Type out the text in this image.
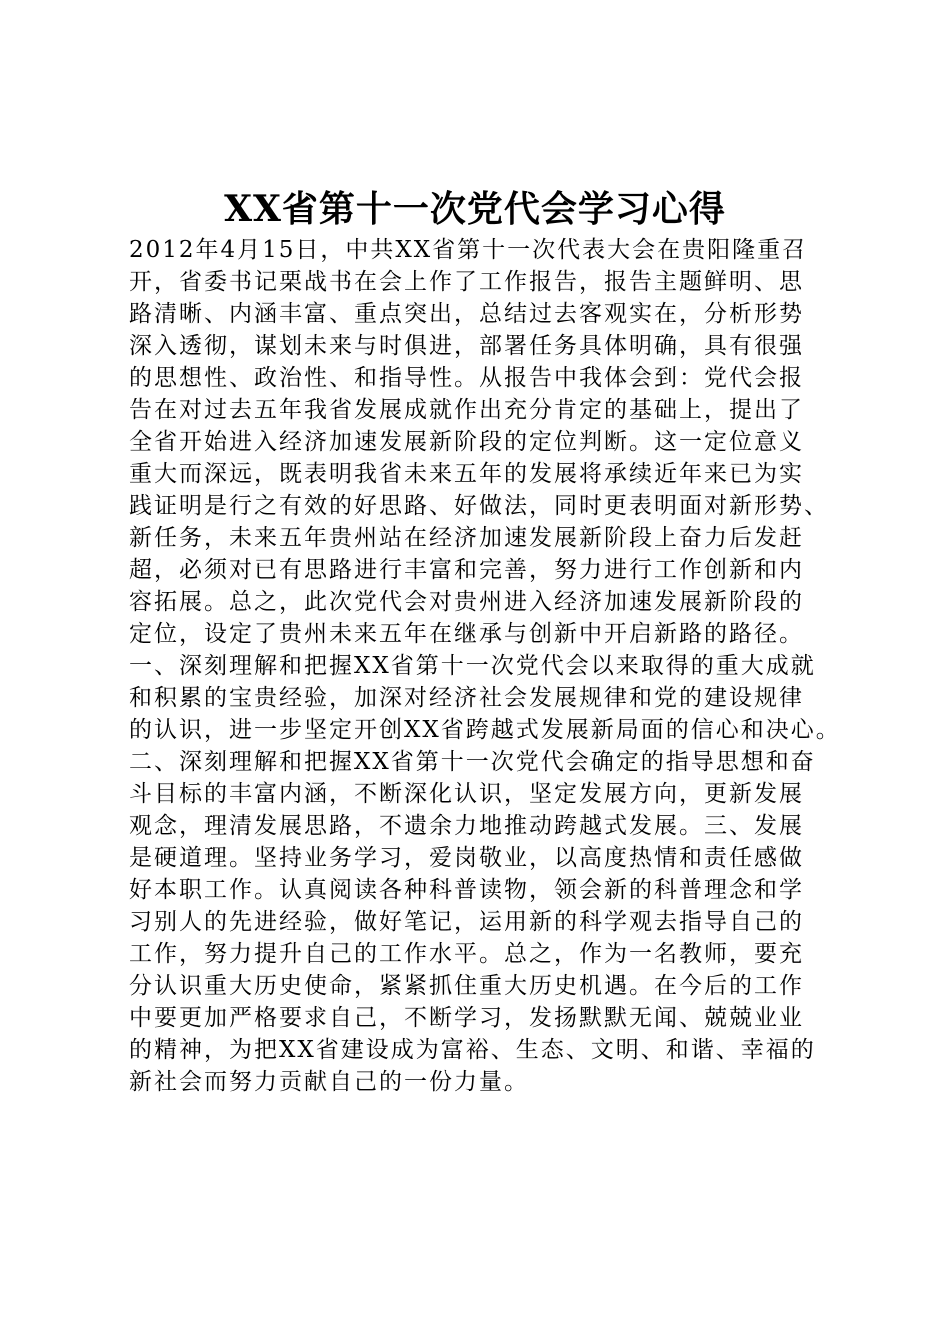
XX省第十一次党代会学习心得
2012年4月15日，中共XX省第十一次代表大会在贵阳隆重召
开，省委书记栗战书在会上作了工作报告，报告主题鲜明、思
路清晰、内涵丰富、重点突出，总结过去客观实在，分析形势
深入透彻，谋划未来与时俱进，部署任务具体明确，具有很强
的思想性、政治性、和指导性。从报告中我体会到：党代会报
告在对过去五年我省发展成就作出充分肯定的基础上，提出了
全省开始进入经济加速发展新阶段的定位判断。这一定位意义
重大而深远，既表明我省未来五年的发展将承续近年来已为实
践证明是行之有效的好思路、好做法，同时更表明面对新形势、
新任务，未来五年贵州站在经济加速发展新阶段上奋力后发赶
超，必须对已有思路进行丰富和完善，努力进行工作创新和内
容拓展。总之，此次党代会对贵州进入经济加速发展新阶段的
定位，设定了贵州未来五年在继承与创新中开启新路的路径。
一、深刻理解和把握XX省第十一次党代会以来取得的重大成就
和积累的宝贵经验，加深对经济社会发展规律和党的建设规律
的认识，进一步坚定开创XX省跨越式发展新局面的信心和决心。
二、深刻理解和把握XX省第十一次党代会确定的指导思想和奋
斗目标的丰富内涵，不断深化认识，坚定发展方向，更新发展
观念，理清发展思路，不遗余力地推动跨越式发展。三、发展
是硬道理。坚持业务学习，爱岗敬业，以高度热情和责任感做
好本职工作。认真阅读各种科普读物，领会新的科普理念和学
习别人的先进经验，做好笔记，运用新的科学观去指导自己的
工作，努力提升自己的工作水平。总之，作为一名教师，要充
分认识重大历史使命，紧紧抓住重大历史机遇。在今后的工作
中要更加严格要求自己，不断学习，发扬默默无闻、兢兢业业
的精神，为把XX省建设成为富裕、生态、文明、和谐、幸福的
新社会而努力贡献自己的一份力量。
